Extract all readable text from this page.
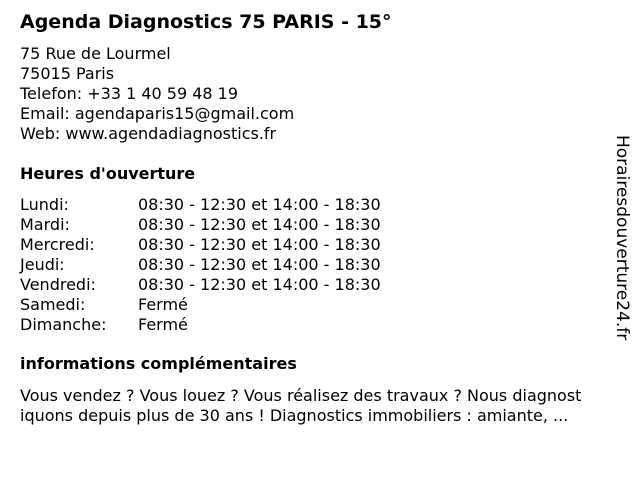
Agenda Diagnostics 75 PARIS - 15°
75 Rue de Lourmel
75015 Paris
Telefon: +33 1 40 59 48 19
Email: agendaparis15@gmail.com
Web: www.agendadiagnostics.fr
Heures d'ouverture
Lundi:	08:30 - 12:30 et 14:00 - 18:30
Mardi:	08:30 - 12:30 et 14:00 - 18:30
Mercredi:	08:30 - 12:30 et 14:00 - 18:30
Jeudi:	08:30 - 12:30 et 14:00 - 18:30
Vendredi:	08:30 - 12:30 et 14:00 - 18:30
Samedi:	Fermé
Dimanche:	Fermé
informations complémentaires
Vous vendez ? Vous louez ? Vous réalisez des travaux ? Nous diagnost
iquons depuis plus de 30 ans ! Diagnostics immobiliers : amiante, ...
Horairesdouverture24.fr
